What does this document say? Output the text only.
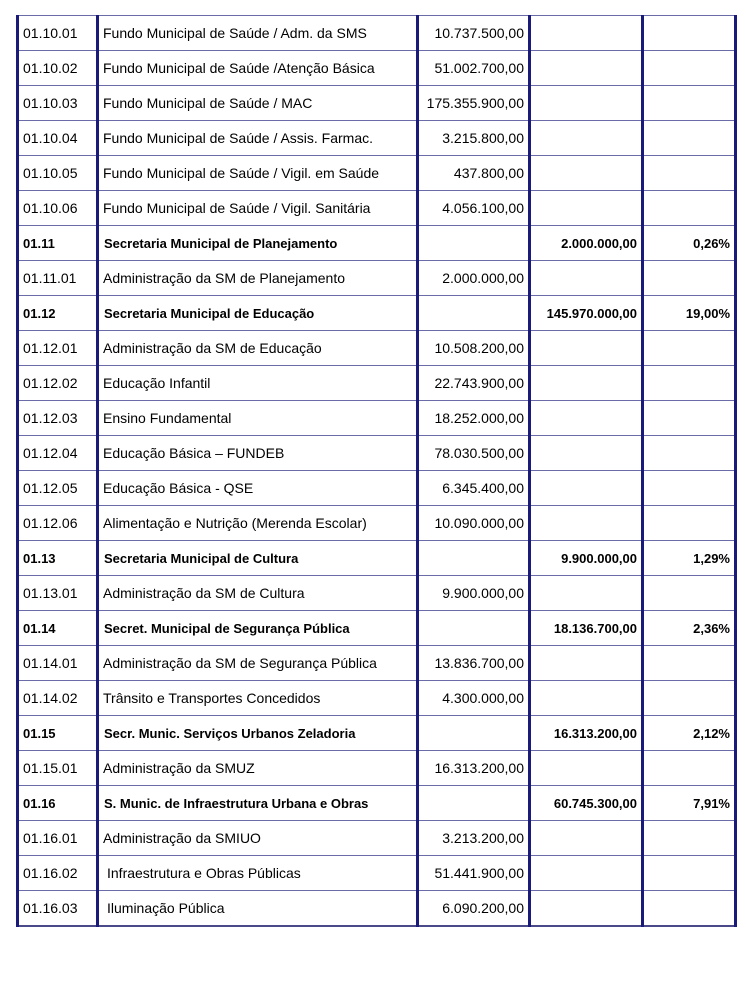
01.10.01	Fundo Municipal de Saúde / Adm. da SMS	10.737.500,00		
01.10.02	Fundo Municipal de Saúde /Atenção Básica	51.002.700,00		
01.10.03	Fundo Municipal de Saúde / MAC	175.355.900,00		
01.10.04	Fundo Municipal de Saúde / Assis. Farmac.	3.215.800,00		
01.10.05	Fundo Municipal de Saúde / Vigil. em Saúde	437.800,00		
01.10.06	Fundo Municipal de Saúde / Vigil. Sanitária	4.056.100,00		
01.11	Secretaria Municipal de Planejamento		2.000.000,00	0,26%
01.11.01	Administração da SM de Planejamento	2.000.000,00		
01.12	Secretaria Municipal de Educação		145.970.000,00	19,00%
01.12.01	Administração da SM de Educação	10.508.200,00		
01.12.02	Educação Infantil	22.743.900,00		
01.12.03	Ensino Fundamental	18.252.000,00		
01.12.04	Educação Básica – FUNDEB	78.030.500,00		
01.12.05	Educação Básica - QSE	6.345.400,00		
01.12.06	Alimentação e Nutrição (Merenda Escolar)	10.090.000,00		
01.13	Secretaria Municipal de Cultura		9.900.000,00	1,29%
01.13.01	Administração da SM de Cultura	9.900.000,00		
01.14	Secret. Municipal de Segurança Pública		18.136.700,00	2,36%
01.14.01	Administração da SM de Segurança Pública	13.836.700,00		
01.14.02	Trânsito e Transportes Concedidos	4.300.000,00		
01.15	Secr. Munic. Serviços Urbanos Zeladoria		16.313.200,00	2,12%
01.15.01	Administração da SMUZ	16.313.200,00		
01.16	S. Munic. de Infraestrutura Urbana e Obras		60.745.300,00	7,91%
01.16.01	Administração da SMIUO	3.213.200,00		
01.16.02	Infraestrutura e Obras Públicas	51.441.900,00		
01.16.03	Iluminação Pública	6.090.200,00		
